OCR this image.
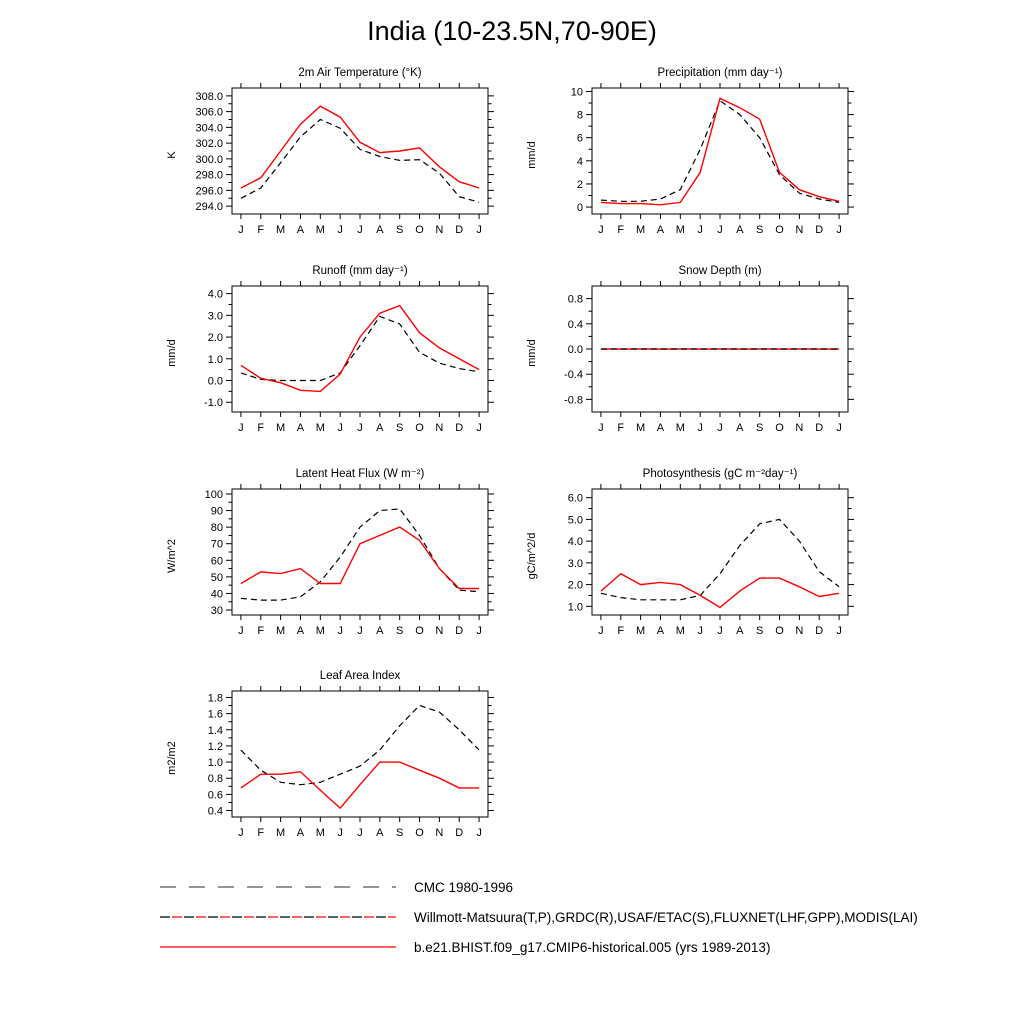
India (10-23.5N,70-90E)
2m Air Temperature (°K)
K
294.0
296.0
298.0
300.0
302.0
304.0
306.0
308.0
J F M A M J J A S O N D J
Precipitation (mm day⁻¹)
mm/d
0
2
4
6
8
10
J F M A M J J A S O N D J
Runoff (mm day⁻¹)
mm/d
-1.0
0.0
1.0
2.0
3.0
4.0
J F M A M J J A S O N D J
Snow Depth (m)
mm/d
-0.8
-0.4
0.0
0.4
0.8
J F M A M J J A S O N D J
Latent Heat Flux (W m⁻²)
W/m^2
30
40
50
60
70
80
90
100
J F M A M J J A S O N D J
Photosynthesis (gC m⁻²day⁻¹)
gC/m^2/d
1.0
2.0
3.0
4.0
5.0
6.0
J F M A M J J A S O N D J
Leaf Area Index
m2/m2
0.4
0.6
0.8
1.0
1.2
1.4
1.6
1.8
J F M A M J J A S O N D J
CMC 1980-1996
Willmott-Matsuura(T,P),GRDC(R),USAF/ETAC(S),FLUXNET(LHF,GPP),MODIS(LAI)
b.e21.BHIST.f09_g17.CMIP6-historical.005 (yrs 1989-2013)
